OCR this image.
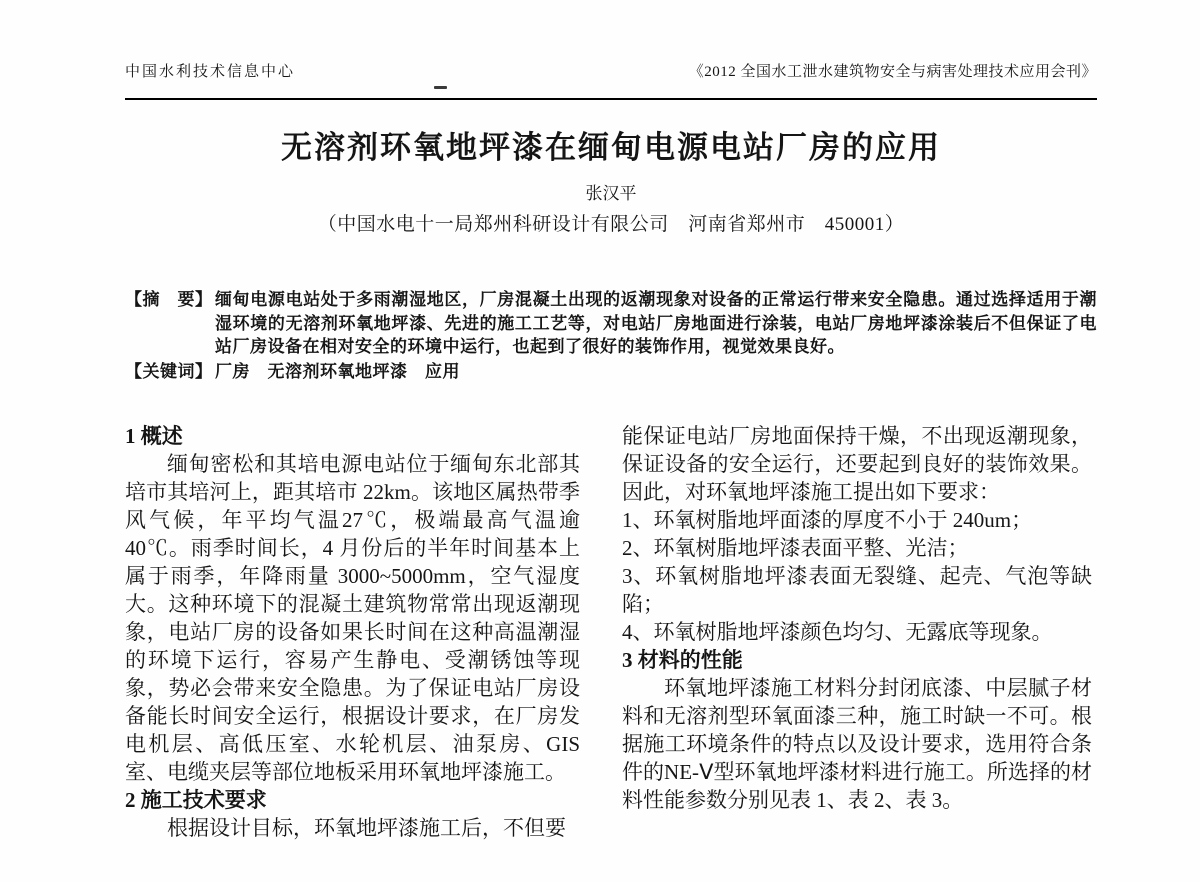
中国水利技术信息中心	《2012 全国水工泄水建筑物安全与病害处理技术应用会刊》
无溶剂环氧地坪漆在缅甸电源电站厂房的应用
张汉平
（中国水电十一局郑州科研设计有限公司　河南省郑州市　450001）
【摘　要】 缅甸电源电站处于多雨潮湿地区，厂房混凝土出现的返潮现象对设备的正常运行带来安全隐患。通过选择适用于潮湿环境的无溶剂环氧地坪漆、先进的施工工艺等，对电站厂房地面进行涂装，电站厂房地坪漆涂装后不但保证了电站厂房设备在相对安全的环境中运行，也起到了很好的装饰作用，视觉效果良好。
【关键词】 厂房　无溶剂环氧地坪漆　应用

1 概述

缅甸密松和其培电源电站位于缅甸东北部其培市其培河上，距其培市 22km。该地区属热带季风气候，年平均气温27℃，极端最高气温逾40℃。雨季时间长，4 月份后的半年时间基本上属于雨季，年降雨量 3000~5000mm，空气湿度大。这种环境下的混凝土建筑物常常出现返潮现象，电站厂房的设备如果长时间在这种高温潮湿的环境下运行，容易产生静电、受潮锈蚀等现象，势必会带来安全隐患。为了保证电站厂房设备能长时间安全运行，根据设计要求，在厂房发电机层、高低压室、水轮机层、油泵房、GIS 室、电缆夹层等部位地板采用环氧地坪漆施工。

2 施工技术要求

根据设计目标，环氧地坪漆施工后，不但要

能保证电站厂房地面保持干燥，不出现返潮现象，保证设备的安全运行，还要起到良好的装饰效果。因此，对环氧地坪漆施工提出如下要求：

1、环氧树脂地坪面漆的厚度不小于 240um；

2、环氧树脂地坪漆表面平整、光洁；

3、环氧树脂地坪漆表面无裂缝、起壳、气泡等缺陷；

4、环氧树脂地坪漆颜色均匀、无露底等现象。

3 材料的性能

环氧地坪漆施工材料分封闭底漆、中层腻子材料和无溶剂型环氧面漆三种，施工时缺一不可。根据施工环境条件的特点以及设计要求，选用符合条件的NE-Ⅴ型环氧地坪漆材料进行施工。所选择的材料性能参数分别见表 1、表 2、表 3。
